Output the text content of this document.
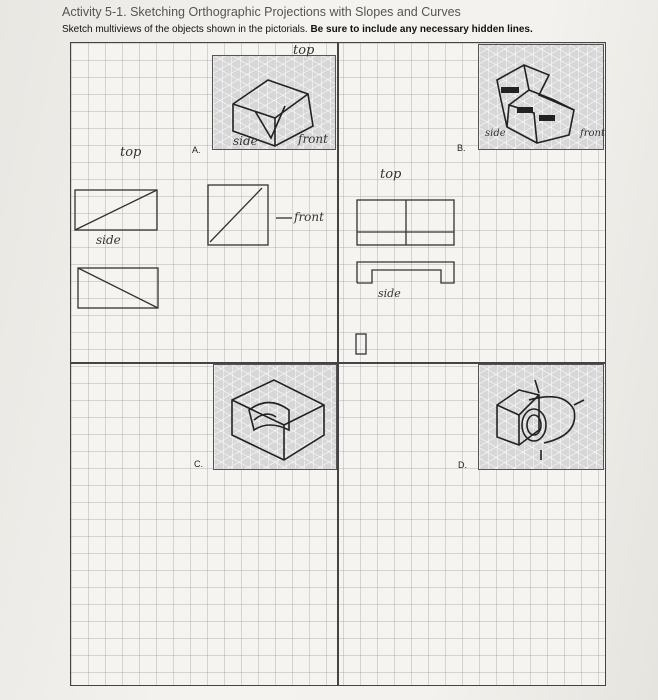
Activity 5-1. Sketching Orthographic Projections with Slopes and Curves
Sketch multiviews of the objects shown in the pictorials. Be sure to include any necessary hidden lines.
A.
top
side	front
top
side
front
B.
side	front
top
side
C.	D.
